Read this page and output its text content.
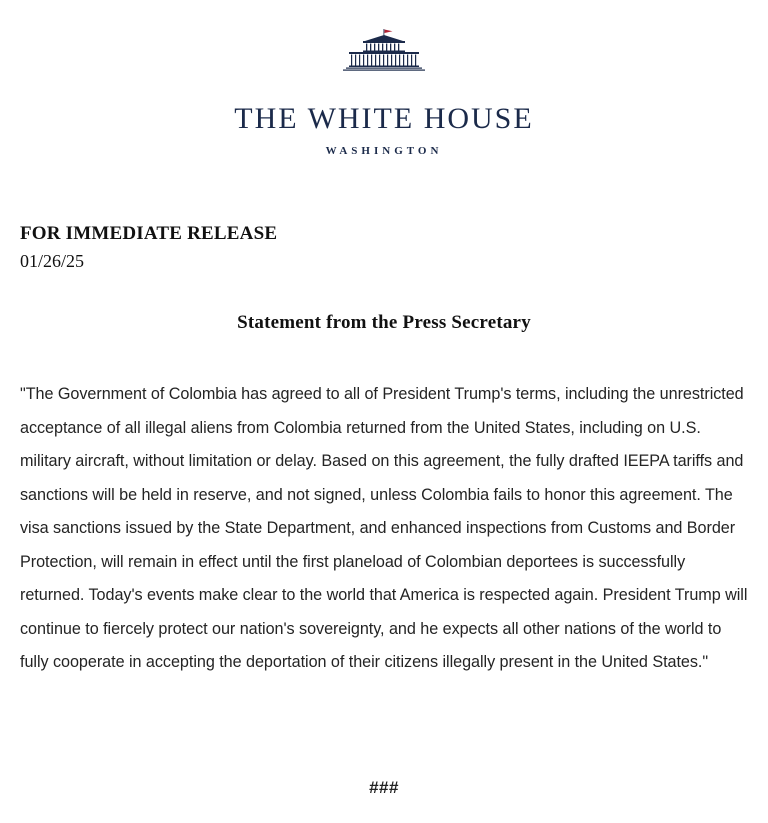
THE WHITE HOUSE
WASHINGTON
FOR IMMEDIATE RELEASE
01/26/25
Statement from the Press Secretary
"The Government of Colombia has agreed to all of President Trump's terms, including the unrestricted acceptance of all illegal aliens from Colombia returned from the United States, including on U.S. military aircraft, without limitation or delay. Based on this agreement, the fully drafted IEEPA tariffs and sanctions will be held in reserve, and not signed, unless Colombia fails to honor this agreement. The visa sanctions issued by the State Department, and enhanced inspections from Customs and Border Protection, will remain in effect until the first planeload of Colombian deportees is successfully returned. Today's events make clear to the world that America is respected again. President Trump will continue to fiercely protect our nation's sovereignty, and he expects all other nations of the world to fully cooperate in accepting the deportation of their citizens illegally present in the United States."
###
